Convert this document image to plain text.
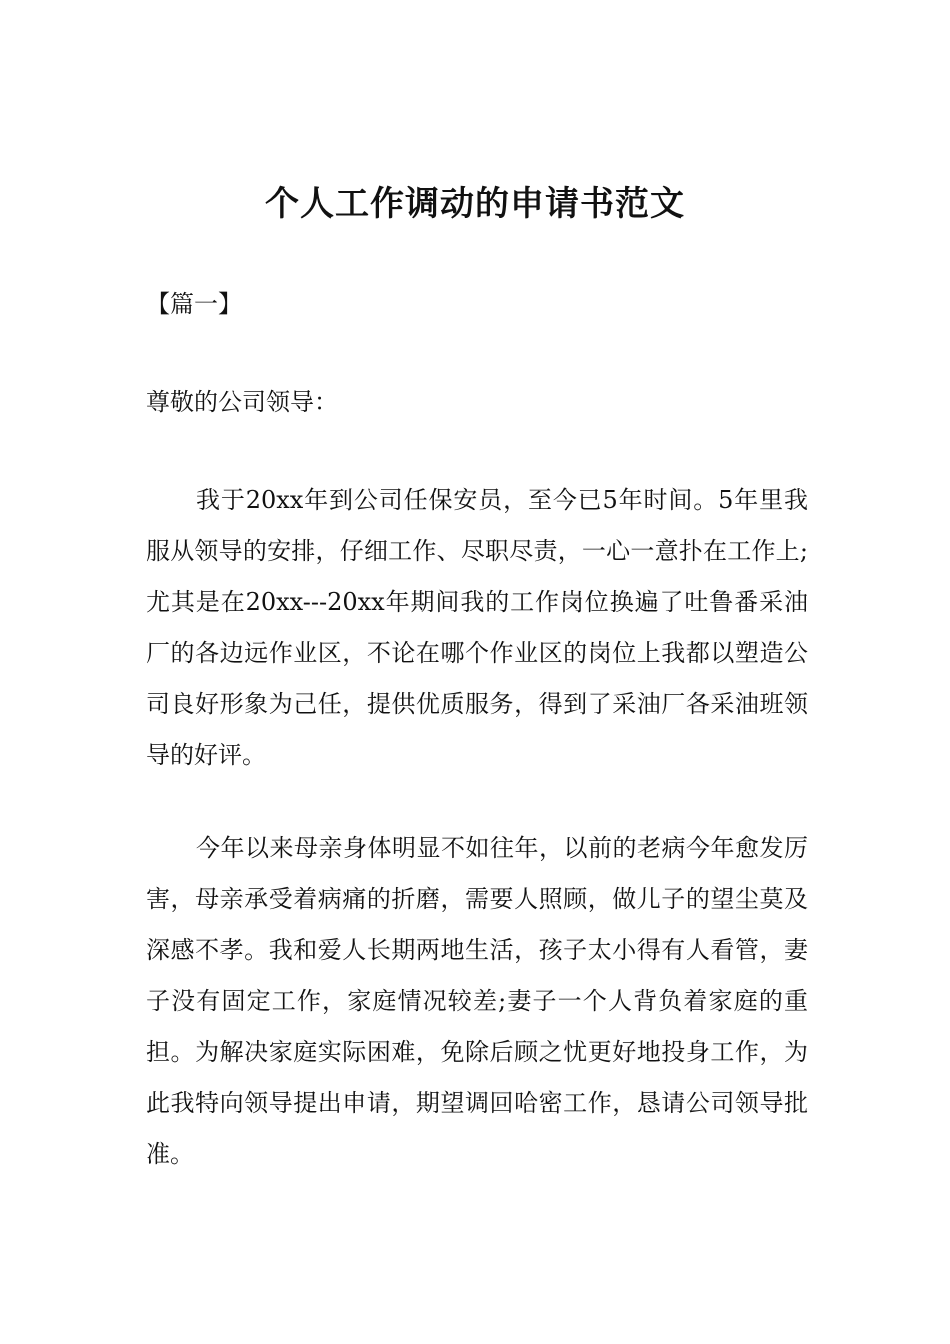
个人工作调动的申请书范文

【篇一】

尊敬的公司领导：

我于20xx年到公司任保安员，至今已5年时间。5年里我服从领导的安排，仔细工作、尽职尽责，一心一意扑在工作上;尤其是在20xx---20xx年期间我的工作岗位换遍了吐鲁番采油厂的各边远作业区，不论在哪个作业区的岗位上我都以塑造公司良好形象为己任，提供优质服务，得到了采油厂各采油班领导的好评。

今年以来母亲身体明显不如往年，以前的老病今年愈发厉害，母亲承受着病痛的折磨，需要人照顾，做儿子的望尘莫及深感不孝。我和爱人长期两地生活，孩子太小得有人看管，妻子没有固定工作，家庭情况较差;妻子一个人背负着家庭的重担。为解决家庭实际困难，免除后顾之忧更好地投身工作，为此我特向领导提出申请，期望调回哈密工作，恳请公司领导批准。
